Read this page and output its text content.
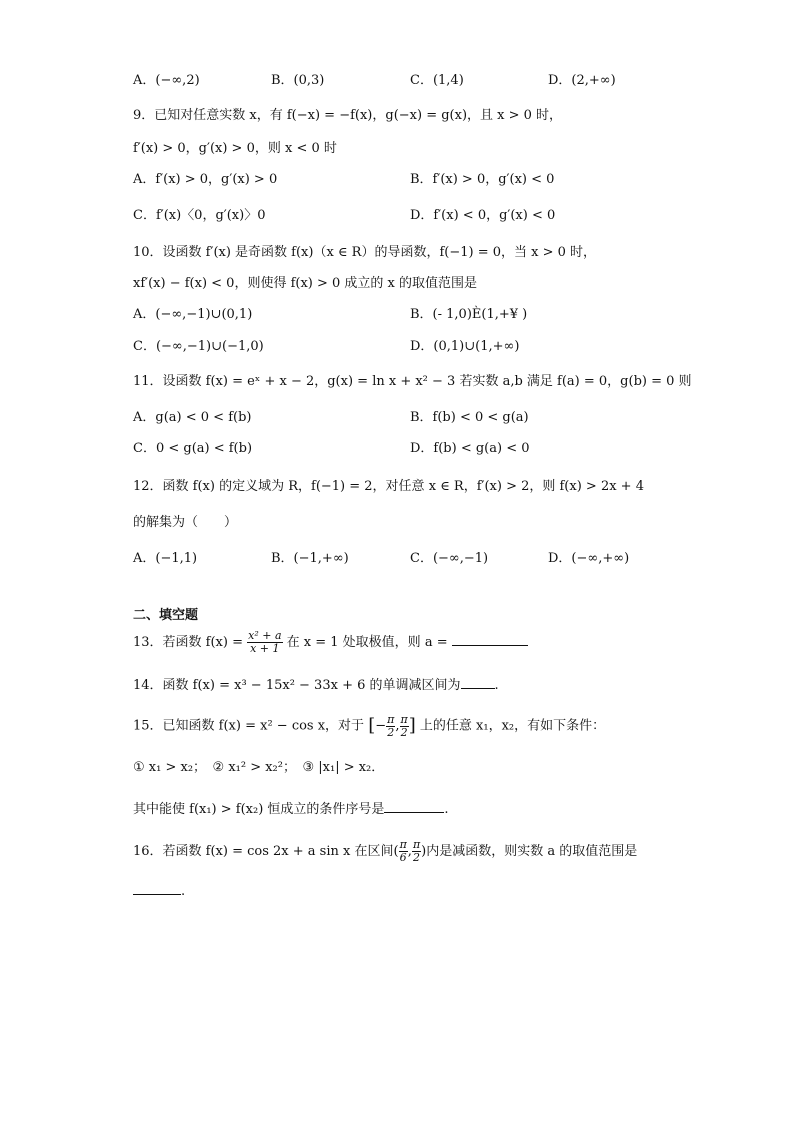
A．(−∞,2)	B．(0,3)	C．(1,4)	D．(2,+∞)
9．已知对任意实数 x，有 f(−x) = −f(x)，g(−x) = g(x)，且 x > 0 时，
f′(x) > 0，g′(x) > 0，则 x < 0 时
A．f′(x) > 0，g′(x) > 0	B．f′(x) > 0，g′(x) < 0
C．f′(x)〈0，g′(x)〉0	D．f′(x) < 0，g′(x) < 0
10．设函数 f′(x) 是奇函数 f(x)（x ∈ R）的导函数，f(−1) = 0，当 x > 0 时，
xf′(x) − f(x) < 0，则使得 f(x) > 0 成立的 x 的取值范围是
A．(−∞,−1)∪(0,1)	B．(- 1,0)È(1,+¥ )
C．(−∞,−1)∪(−1,0)	D．(0,1)∪(1,+∞)
11．设函数 f(x) = eˣ + x − 2，g(x) = ln x + x² − 3 若实数 a,b 满足 f(a) = 0，g(b) = 0 则
A．g(a) < 0 < f(b)	B．f(b) < 0 < g(a)
C．0 < g(a) < f(b)	D．f(b) < g(a) < 0
12．函数 f(x) 的定义域为 R，f(−1) = 2，对任意 x ∈ R，f′(x) > 2，则 f(x) > 2x + 4
的解集为（　　）
A．(−1,1)	B．(−1,+∞)	C．(−∞,−1)	D．(−∞,+∞)
二、填空题
13．若函数 $f(x) = \frac{\text{x² + a}}{x + 1}$ 在 x = 1 处取极值，则 a =
14．函数 f(x) = x³ − 15x² − 33x + 6 的单调减区间为	.
15．已知函数 f(x) = x² − cos x，对于 [− $\frac{\pi}{2}$ , $\frac{\pi}{2}$ ] 上的任意 x₁，x₂，有如下条件：
① x₁ > x₂；　② x₁² > x₂²；　③ |x₁| > x₂．
其中能使 f(x₁) > f(x₂) 恒成立的条件序号是	.
16．若函数 f(x) = cos 2x + a sin x 在区间( $\frac{\pi}{6}$ , $\frac{\pi}{2}$ )内是减函数，则实数 a 的取值范围是
.
